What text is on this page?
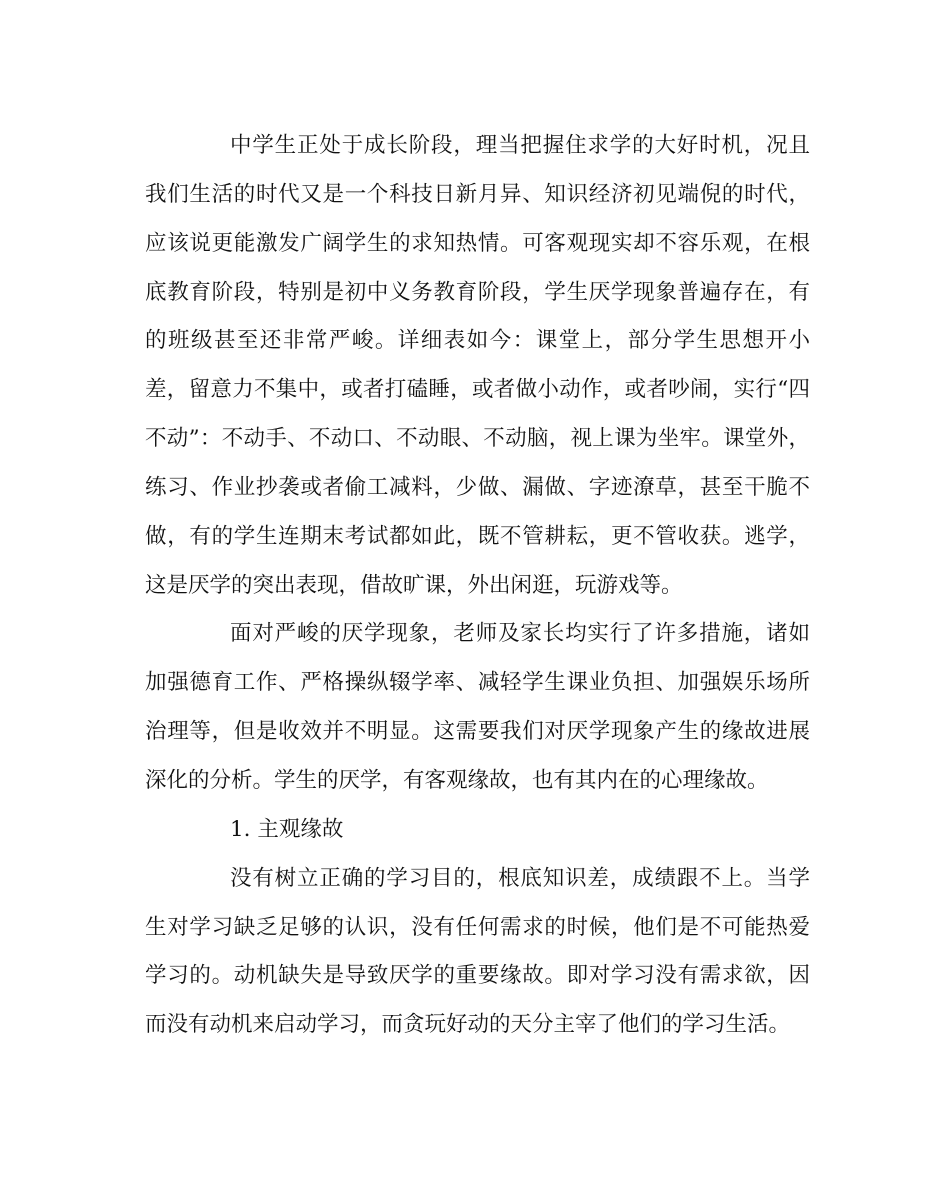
中学生正处于成长阶段，理当把握住求学的大好时机，况且
我们生活的时代又是一个科技日新月异、知识经济初见端倪的时代，
应该说更能激发广阔学生的求知热情。可客观现实却不容乐观，在根
底教育阶段，特别是初中义务教育阶段，学生厌学现象普遍存在，有
的班级甚至还非常严峻。详细表如今：课堂上，部分学生思想开小
差，留意力不集中，或者打磕睡，或者做小动作，或者吵闹，实行“四
不动”：不动手、不动口、不动眼、不动脑，视上课为坐牢。课堂外，
练习、作业抄袭或者偷工减料，少做、漏做、字迹潦草，甚至干脆不
做，有的学生连期末考试都如此，既不管耕耘，更不管收获。逃学，
这是厌学的突出表现，借故旷课，外出闲逛，玩游戏等。
面对严峻的厌学现象，老师及家长均实行了许多措施，诸如
加强德育工作、严格操纵辍学率、减轻学生课业负担、加强娱乐场所
治理等，但是收效并不明显。这需要我们对厌学现象产生的缘故进展
深化的分析。学生的厌学，有客观缘故，也有其内在的心理缘故。
1. 主观缘故
没有树立正确的学习目的，根底知识差，成绩跟不上。当学
生对学习缺乏足够的认识，没有任何需求的时候，他们是不可能热爱
学习的。动机缺失是导致厌学的重要缘故。即对学习没有需求欲，因
而没有动机来启动学习，而贪玩好动的天分主宰了他们的学习生活。
